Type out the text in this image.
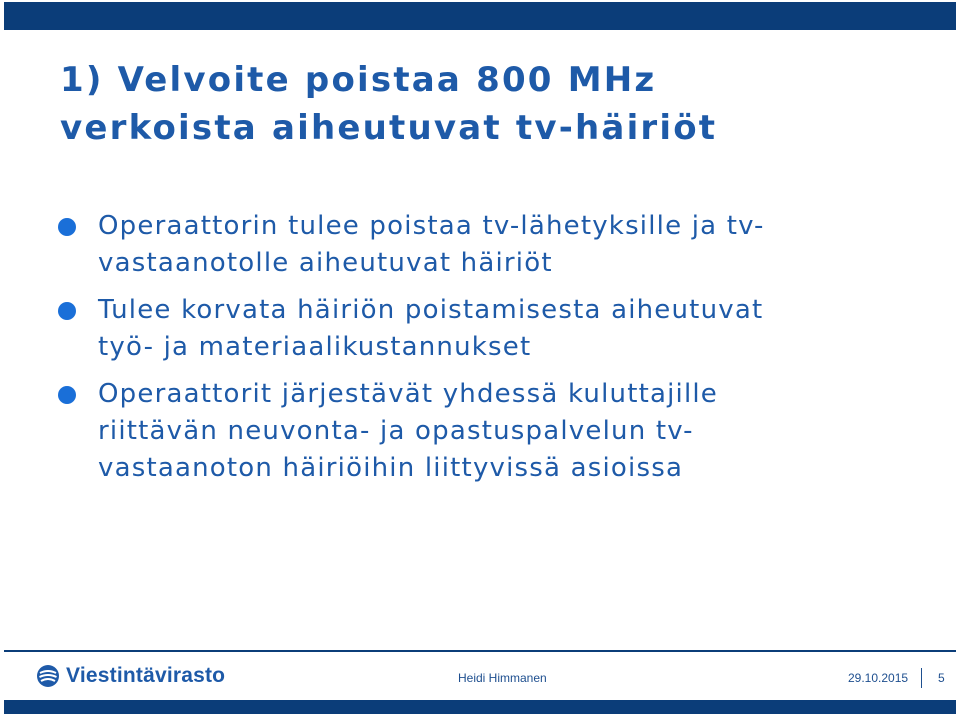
1) Velvoite poistaa 800 MHz
verkoista aiheutuvat tv-häiriöt
Operaattorin tulee poistaa tv-lähetyksille ja tv-
vastaanotolle aiheutuvat häiriöt
Tulee korvata häiriön poistamisesta aiheutuvat
työ- ja materiaalikustannukset
Operaattorit järjestävät yhdessä kuluttajille
riittävän neuvonta- ja opastuspalvelun tv-
vastaanoton häiriöihin liittyvissä asioissa
Viestintävirasto	Heidi Himmanen	29.10.2015 5
